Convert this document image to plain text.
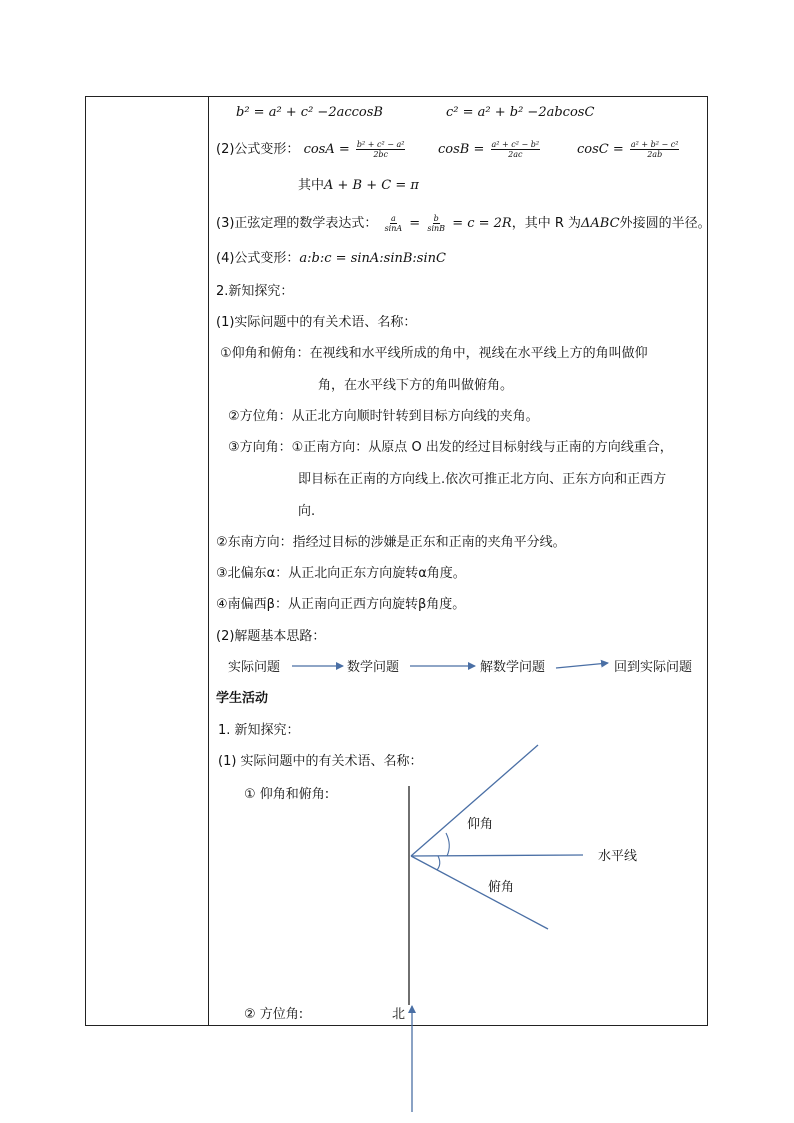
b² = a² + c² −2accosB	c² = a² + b² −2abcosC
(2)公式变形： $\cos A = \frac{\text{b² + c² − a²}}{2bc}$	$\cos B = \frac{\text{a² + c² − b²}}{2ac}$	$\cos C = \frac{\text{a² + b² − c²}}{2ab}$
其中A + B + C = π
(3)正弦定理的数学表达式： $\frac{a}{\sin A} = \frac{b}{\sin B} = c = 2R$，其中 R 为ΔABC外接圆的半径。
(4)公式变形：a:b:c = sinA:sinB:sinC
2.新知探究：
(1)实际问题中的有关术语、名称：
①仰角和俯角：在视线和水平线所成的角中，视线在水平线上方的角叫做仰
角，在水平线下方的角叫做俯角。
②方位角：从正北方向顺时针转到目标方向线的夹角。
③方向角：①正南方向：从原点 O 出发的经过目标射线与正南的方向线重合，
即目标在正南的方向线上.依次可推正北方向、正东方向和正西方
向.
②东南方向：指经过目标的涉嫌是正东和正南的夹角平分线。
③北偏东α：从正北向正东方向旋转α角度。
④南偏西β：从正南向正西方向旋转β角度。
(2)解题基本思路：
实际问题	数学问题	解数学问题	回到实际问题
仰角
水平线
俯角
学生活动
1. 新知探究：
(1) 实际问题中的有关术语、名称：
① 仰角和俯角:
② 方位角:	北
